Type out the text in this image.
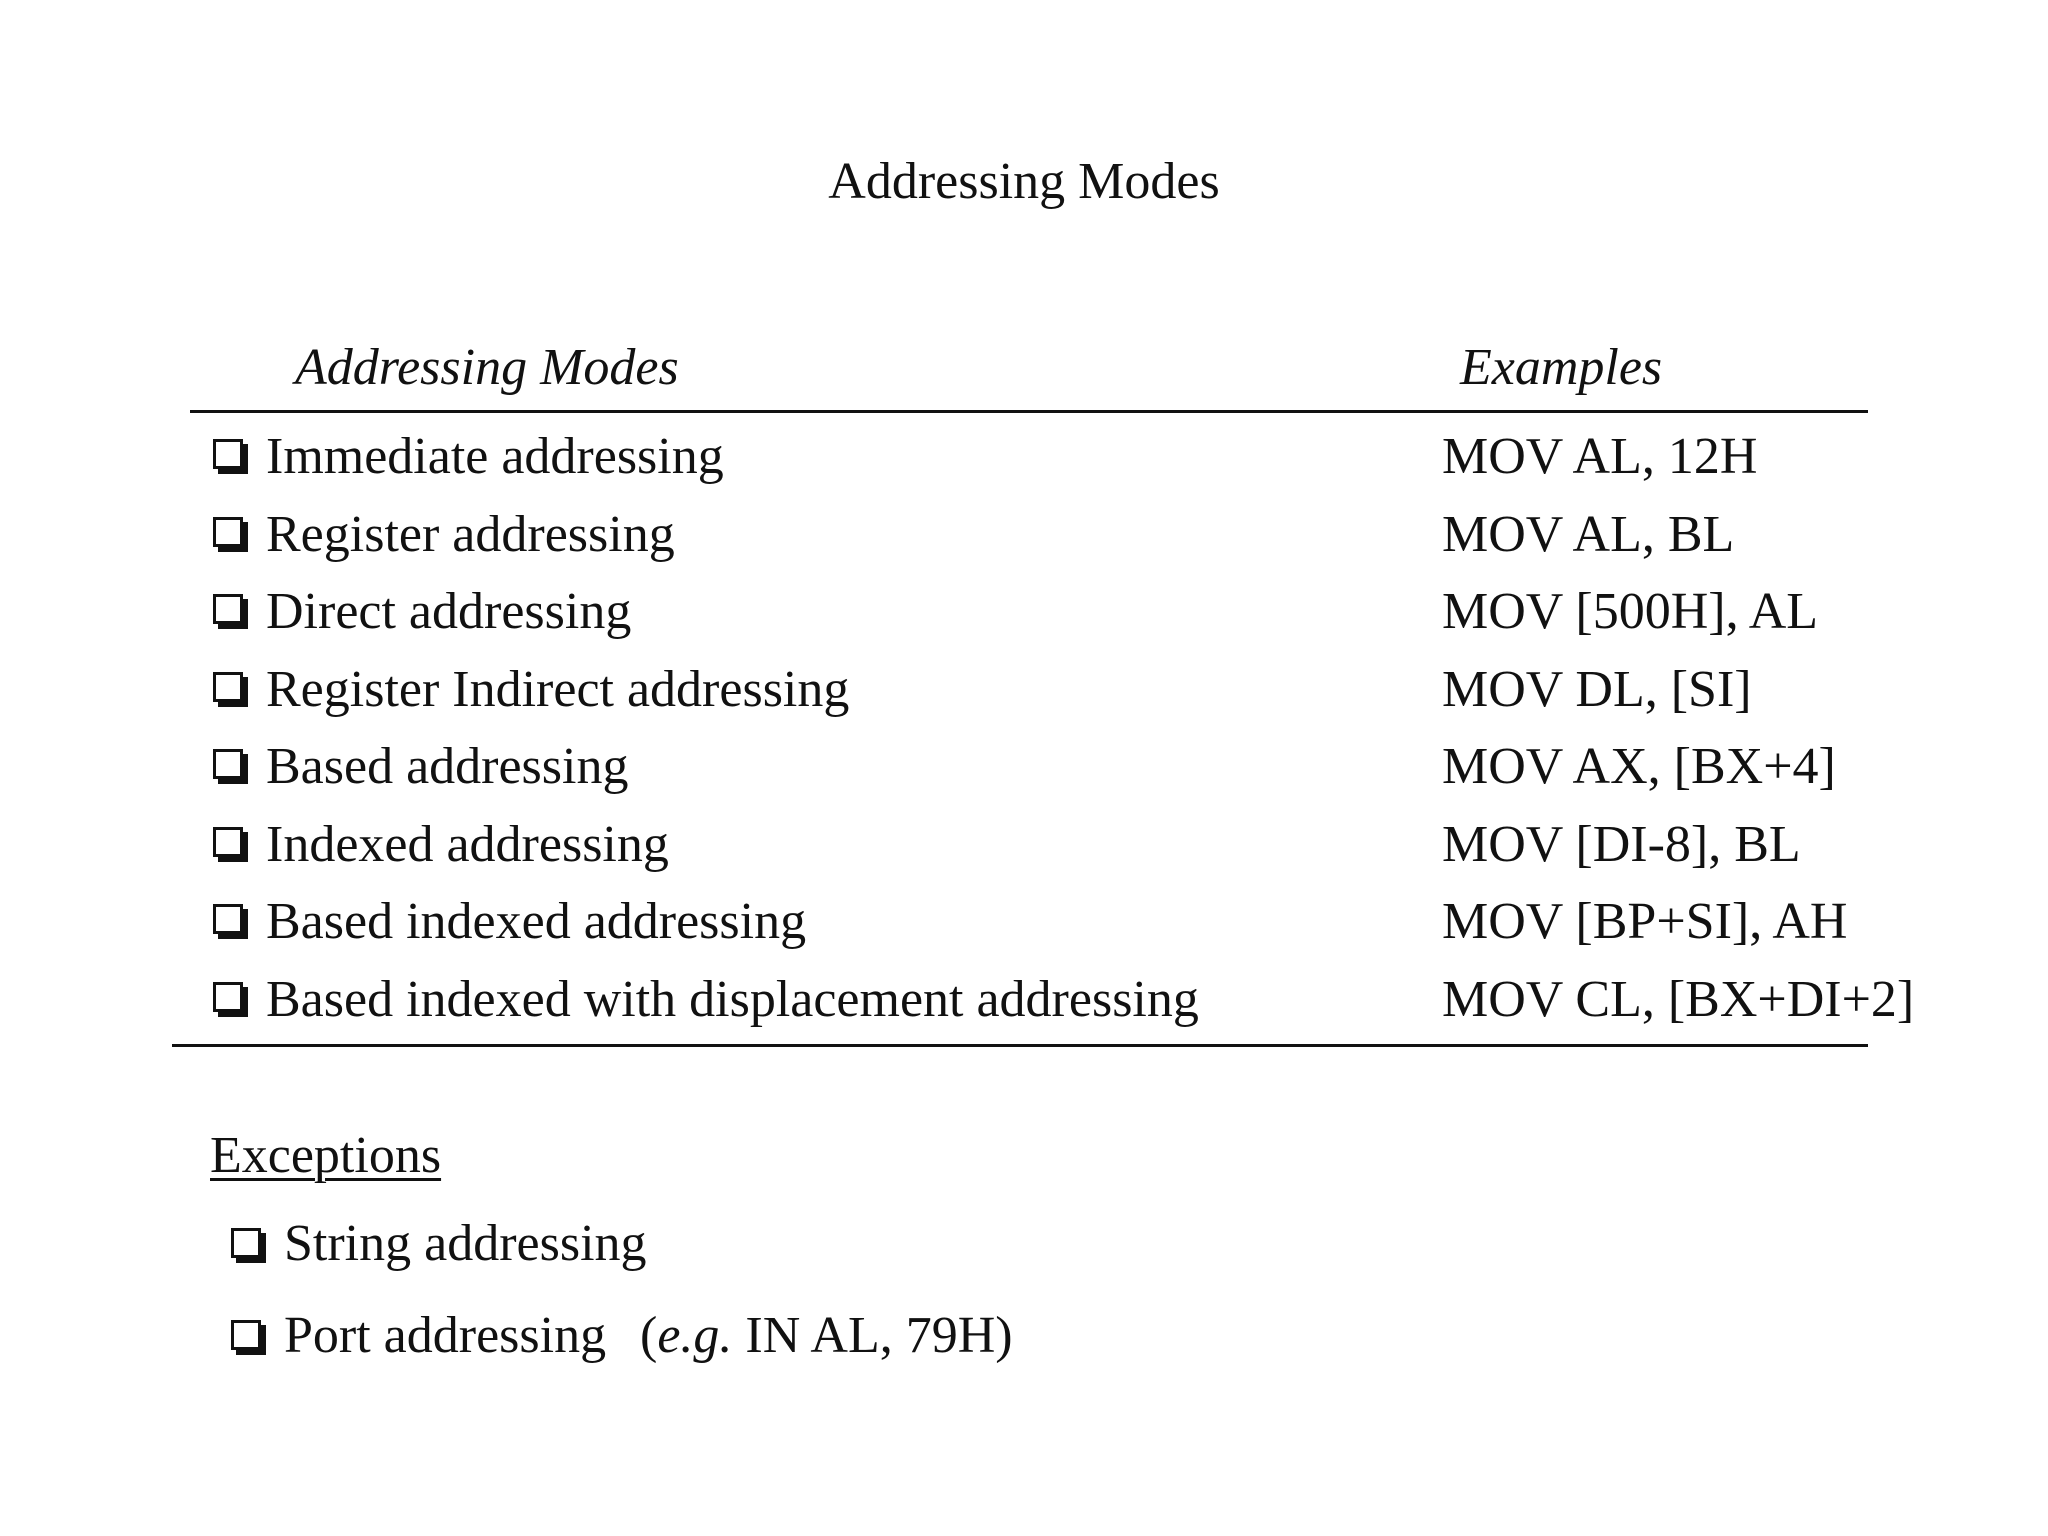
Addressing Modes
Addressing Modes	Examples
Immediate addressing	MOV AL, 12H
Register addressing	MOV AL, BL
Direct addressing	MOV [500H], AL
Register Indirect addressing	MOV DL, [SI]
Based addressing	MOV AX, [BX+4]
Indexed addressing	MOV [DI-8], BL
Based indexed addressing	MOV [BP+SI], AH
Based indexed with displacement addressing	MOV CL, [BX+DI+2]
Exceptions
String addressing
Port addressing (e.g. IN AL, 79H)
